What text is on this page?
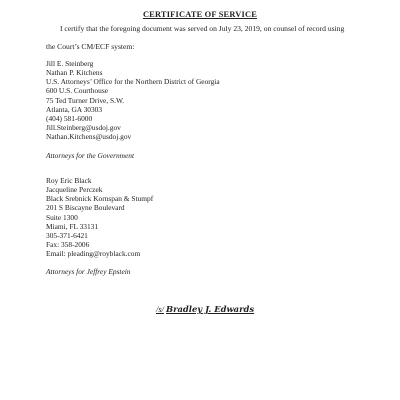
CERTIFICATE OF SERVICE
I certify that the foregoing document was served on July 23, 2019, on counsel of record using
the Court’s CM/ECF system:
Jill E. Steinberg
Nathan P. Kitchens
U.S. Attorneys’ Office for the Northern District of Georgia
600 U.S. Courthouse
75 Ted Turner Drive, S.W.
Atlanta, GA 30303
(404) 581-6000
Jill.Steinberg@usdoj.gov
Nathan.Kitchens@usdoj.gov
Attorneys for the Government
Roy Eric Black
Jacqueline Perczek
Black Srebnick Kornspan & Stumpf
201 S Biscayne Boulevard
Suite 1300
Miami, FL 33131
305-371-6421
Fax: 358-2006
Email: pleading@royblack.com
Attorneys for Jeffrey Epstein
/s/ Bradley J. Edwards
